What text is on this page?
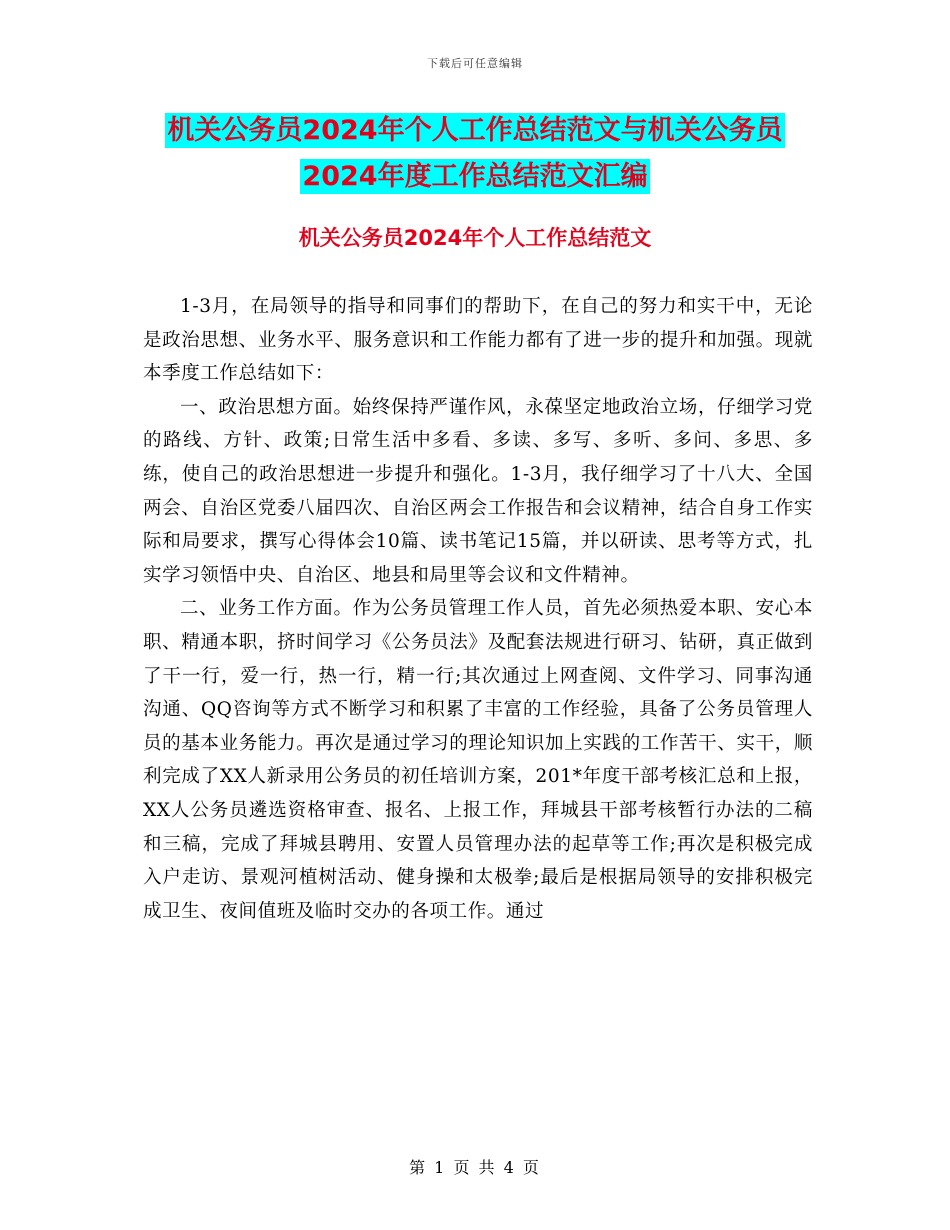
下载后可任意编辑
机关公务员2024年个人工作总结范文与机关公务员
2024年度工作总结范文汇编
机关公务员2024年个人工作总结范文

1-3月，在局领导的指导和同事们的帮助下，在自己的努力和实干中，无论是政治思想、业务水平、服务意识和工作能力都有了进一步的提升和加强。现就本季度工作总结如下：

一、政治思想方面。始终保持严谨作风，永葆坚定地政治立场，仔细学习党的路线、方针、政策;日常生活中多看、多读、多写、多听、多问、多思、多练，使自己的政治思想进一步提升和强化。1-3月，我仔细学习了十八大、全国两会、自治区党委八届四次、自治区两会工作报告和会议精神，结合自身工作实际和局要求，撰写心得体会10篇、读书笔记15篇，并以研读、思考等方式，扎实学习领悟中央、自治区、地县和局里等会议和文件精神。

二、业务工作方面。作为公务员管理工作人员，首先必须热爱本职、安心本职、精通本职，挤时间学习《公务员法》及配套法规进行研习、钻研，真正做到了干一行，爱一行，热一行，精一行;其次通过上网查阅、文件学习、同事沟通沟通、QQ咨询等方式不断学习和积累了丰富的工作经验，具备了公务员管理人员的基本业务能力。再次是通过学习的理论知识加上实践的工作苦干、实干，顺利完成了XX人新录用公务员的初任培训方案，201*年度干部考核汇总和上报，XX人公务员遴选资格审查、报名、上报工作，拜城县干部考核暂行办法的二稿和三稿，完成了拜城县聘用、安置人员管理办法的起草等工作;再次是积极完成入户走访、景观河植树活动、健身操和太极拳;最后是根据局领导的安排积极完成卫生、夜间值班及临时交办的各项工作。通过

第 1 页 共 4 页
